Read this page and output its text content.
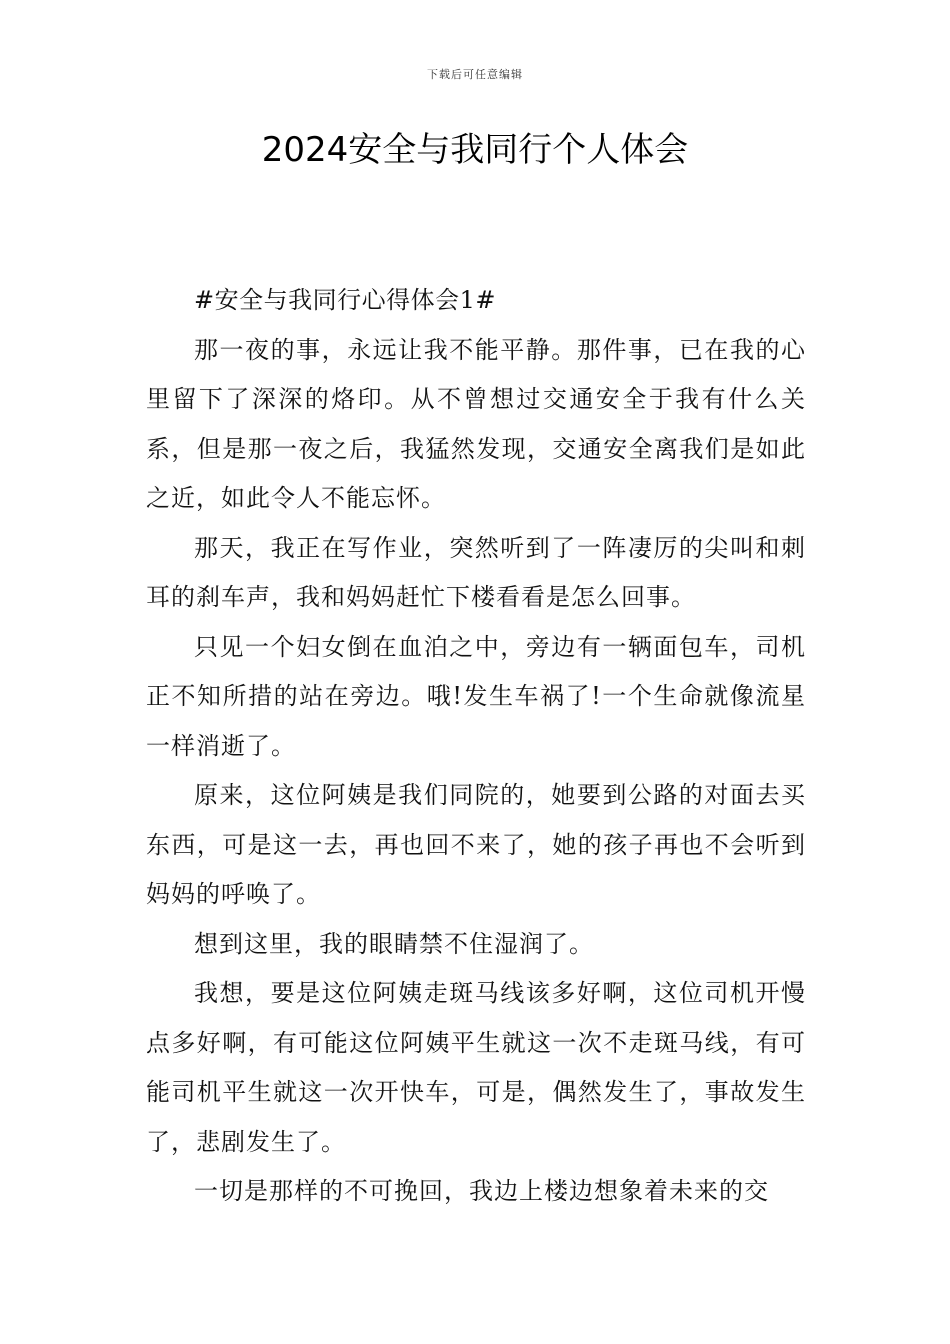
下载后可任意编辑
2024安全与我同行个人体会

#安全与我同行心得体会1#

那一夜的事，永远让我不能平静。那件事，已在我的心里留下了深深的烙印。从不曾想过交通安全于我有什么关系，但是那一夜之后，我猛然发现，交通安全离我们是如此之近，如此令人不能忘怀。

那天，我正在写作业，突然听到了一阵凄厉的尖叫和刺耳的刹车声，我和妈妈赶忙下楼看看是怎么回事。

只见一个妇女倒在血泊之中，旁边有一辆面包车，司机正不知所措的站在旁边。哦!发生车祸了!一个生命就像流星一样消逝了。

原来，这位阿姨是我们同院的，她要到公路的对面去买东西，可是这一去，再也回不来了，她的孩子再也不会听到妈妈的呼唤了。

想到这里，我的眼睛禁不住湿润了。

我想，要是这位阿姨走斑马线该多好啊，这位司机开慢点多好啊，有可能这位阿姨平生就这一次不走斑马线，有可能司机平生就这一次开快车，可是，偶然发生了，事故发生了，悲剧发生了。

一切是那样的不可挽回，我边上楼边想象着未来的交
